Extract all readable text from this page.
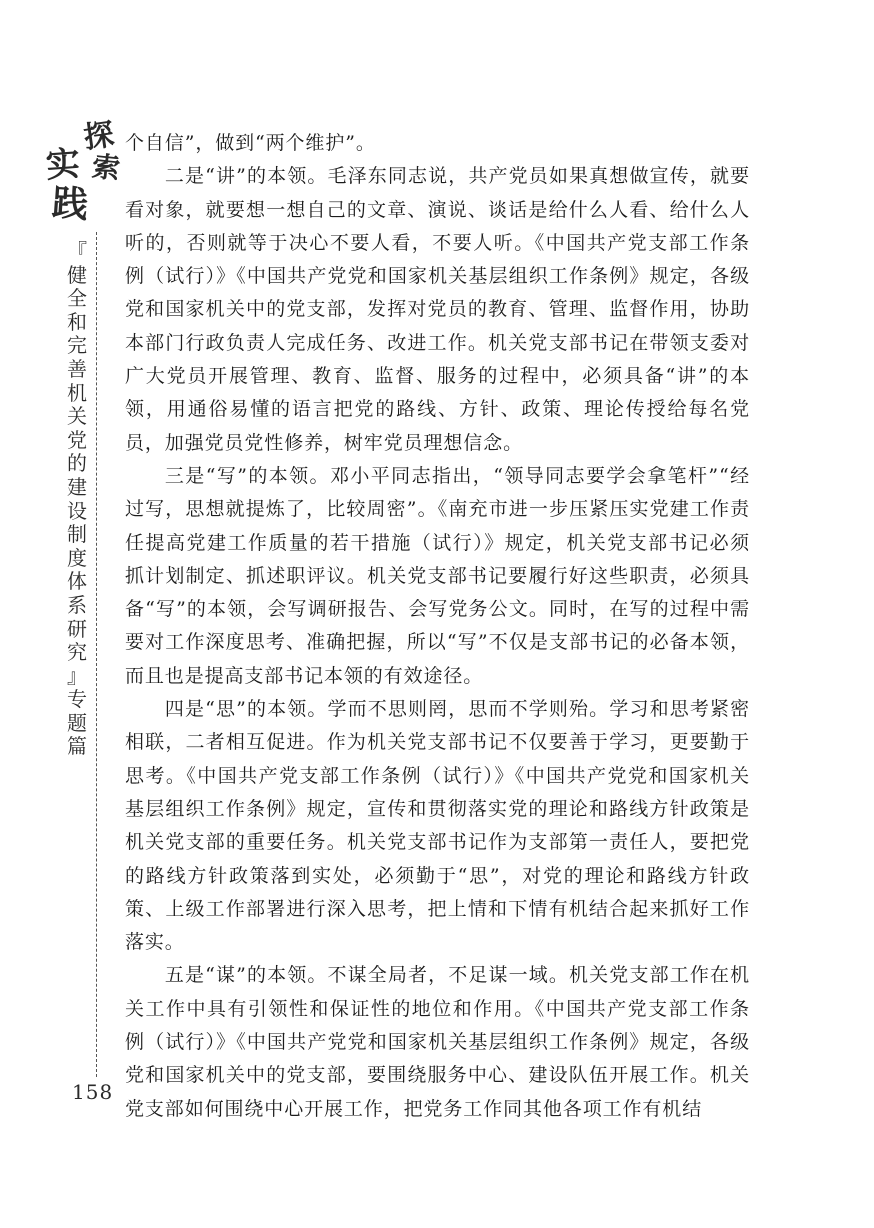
探
索
实
践
『
健
全
和
完
善
机
关
党
的
建
设
制
度
体
系
研
究
』
专
题
篇
158

个自信”，做到“两个维护”。

二是“讲”的本领。毛泽东同志说，共产党员如果真想做宣传，就要看对象，就要想一想自己的文章、演说、谈话是给什么人看、给什么人听的，否则就等于决心不要人看，不要人听。《中国共产党支部工作条例（试行）》《中国共产党党和国家机关基层组织工作条例》规定，各级党和国家机关中的党支部，发挥对党员的教育、管理、监督作用，协助本部门行政负责人完成任务、改进工作。机关党支部书记在带领支委对广大党员开展管理、教育、监督、服务的过程中，必须具备“讲”的本领，用通俗易懂的语言把党的路线、方针、政策、理论传授给每名党员，加强党员党性修养，树牢党员理想信念。

三是“写”的本领。邓小平同志指出，“领导同志要学会拿笔杆”“经过写，思想就提炼了，比较周密”。《南充市进一步压紧压实党建工作责任提高党建工作质量的若干措施（试行）》规定，机关党支部书记必须抓计划制定、抓述职评议。机关党支部书记要履行好这些职责，必须具备“写”的本领，会写调研报告、会写党务公文。同时，在写的过程中需要对工作深度思考、准确把握，所以“写”不仅是支部书记的必备本领，而且也是提高支部书记本领的有效途径。

四是“思”的本领。学而不思则罔，思而不学则殆。学习和思考紧密相联，二者相互促进。作为机关党支部书记不仅要善于学习，更要勤于思考。《中国共产党支部工作条例（试行）》《中国共产党党和国家机关基层组织工作条例》规定，宣传和贯彻落实党的理论和路线方针政策是机关党支部的重要任务。机关党支部书记作为支部第一责任人，要把党的路线方针政策落到实处，必须勤于“思”，对党的理论和路线方针政策、上级工作部署进行深入思考，把上情和下情有机结合起来抓好工作落实。

五是“谋”的本领。不谋全局者，不足谋一域。机关党支部工作在机关工作中具有引领性和保证性的地位和作用。《中国共产党支部工作条例（试行）》《中国共产党党和国家机关基层组织工作条例》规定，各级党和国家机关中的党支部，要围绕服务中心、建设队伍开展工作。机关党支部如何围绕中心开展工作，把党务工作同其他各项工作有机结
